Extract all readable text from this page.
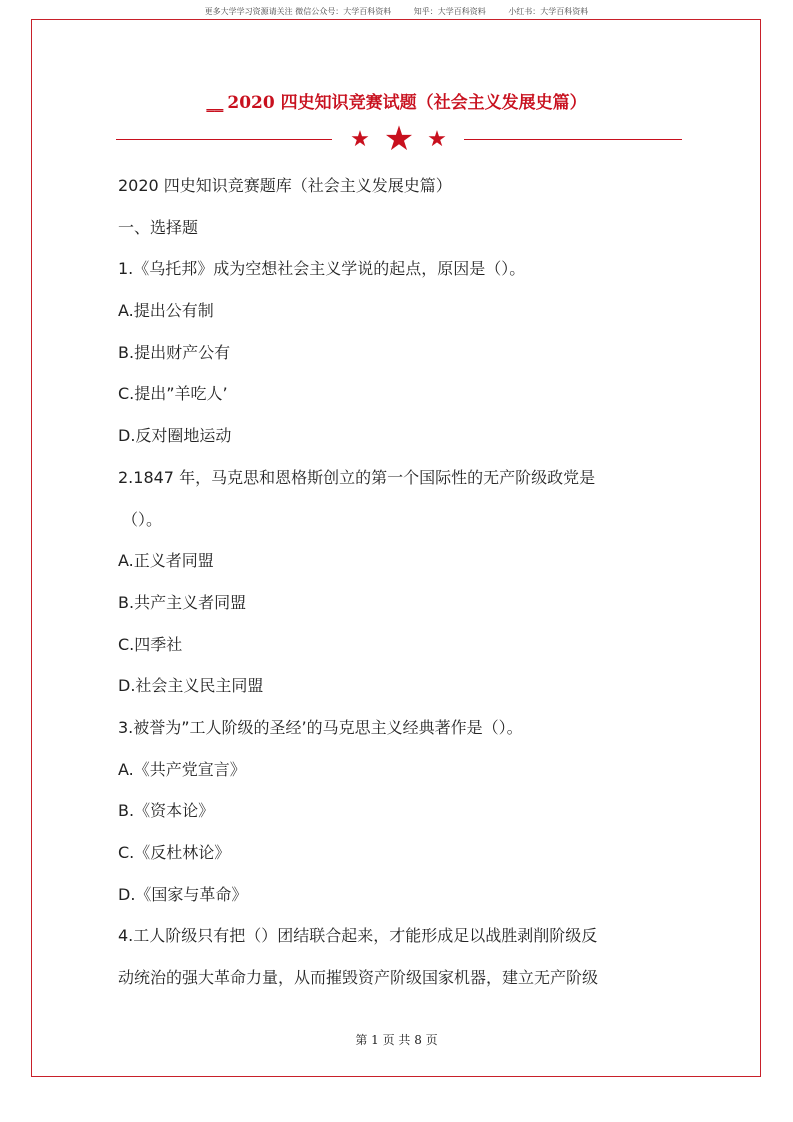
更多大学学习资源请关注 微信公众号：大学百科资料	知乎：大学百科资料	小红书：大学百科资料
__ 2020 四史知识竞赛试题（社会主义发展史篇）
★ ★ ★
2020 四史知识竞赛题库（社会主义发展史篇）
一、选择题
1.《乌托邦》成为空想社会主义学说的起点，原因是（）。
A.提出公有制
B.提出财产公有
C.提出”羊吃人’
D.反对圈地运动
2.1847 年，马克思和恩格斯创立的第一个国际性的无产阶级政党是
（）。
A.正义者同盟
B.共产主义者同盟
C.四季社
D.社会主义民主同盟
3.被誉为”工人阶级的圣经’的马克思主义经典著作是（）。
A.《共产党宣言》
B.《资本论》
C.《反杜林论》
D.《国家与革命》
4.工人阶级只有把（）团结联合起来，才能形成足以战胜剥削阶级反
动统治的强大革命力量，从而摧毁资产阶级国家机器，建立无产阶级
第 1 页 共 8 页
